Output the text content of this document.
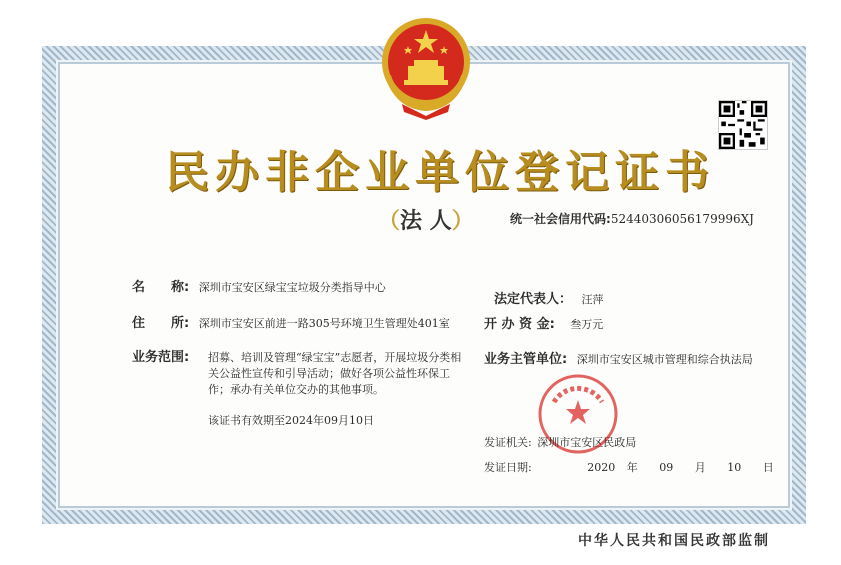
民办非企业单位登记证书
（法 人）	统一社会信用代码:52440306056179996XJ
名　　称: 深圳市宝安区绿宝宝垃圾分类指导中心
住　　所: 深圳市宝安区前进一路305号环境卫生管理处401室
业务范围: 招募、培训及管理“绿宝宝”志愿者，开展垃圾分类相关公益性宣传和引导活动；做好各项公益性环保工作；承办有关单位交办的其他事项。
该证书有效期至2024年09月10日
法定代表人： 汪萍
开 办 资 金: 叁万元
业务主管单位: 深圳市宝安区城市管理和综合执法局
发证机关: 深圳市宝安区民政局
发证日期:	2020 年 09 月 10 日
中华人民共和国民政部监制
